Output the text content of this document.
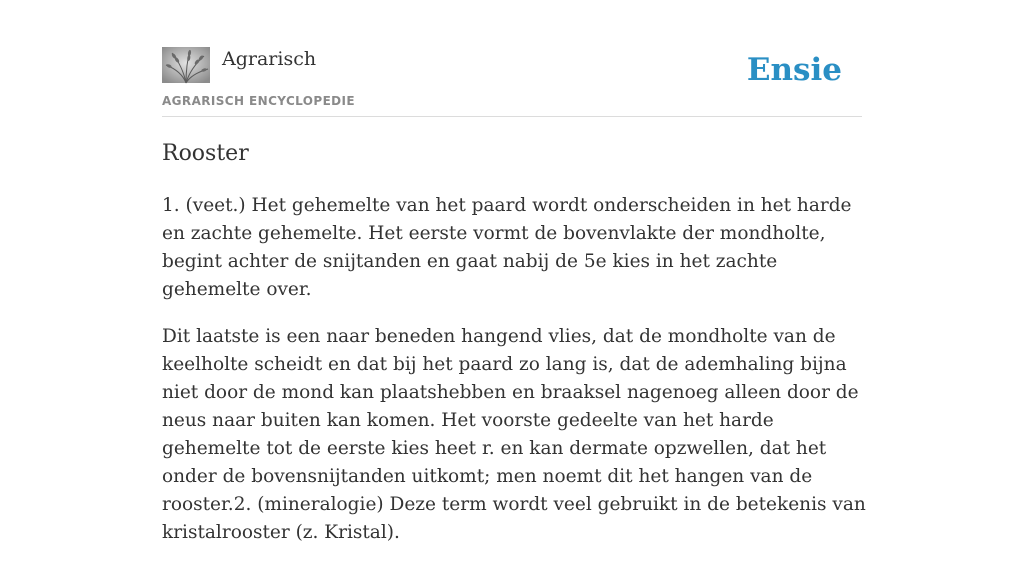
Agrarisch
AGRARISCH ENCYCLOPEDIE
Ensie
Rooster

1. (veet.) Het gehemelte van het paard wordt onderscheiden in het harde en zachte gehemelte. Het eerste vormt de bovenvlakte der mondholte, begint achter de snijtanden en gaat nabij de 5e kies in het zachte gehemelte over.

Dit laatste is een naar beneden hangend vlies, dat de mondholte van de keelholte scheidt en dat bij het paard zo lang is, dat de ademhaling bijna niet door de mond kan plaatshebben en braaksel nagenoeg alleen door de neus naar buiten kan komen. Het voorste gedeelte van het harde gehemelte tot de eerste kies heet r. en kan dermate opzwellen, dat het onder de bovensnijtanden uitkomt; men noemt dit het hangen van de rooster.2. (mineralogie) Deze term wordt veel gebruikt in de betekenis van kristalrooster (z. Kristal).
